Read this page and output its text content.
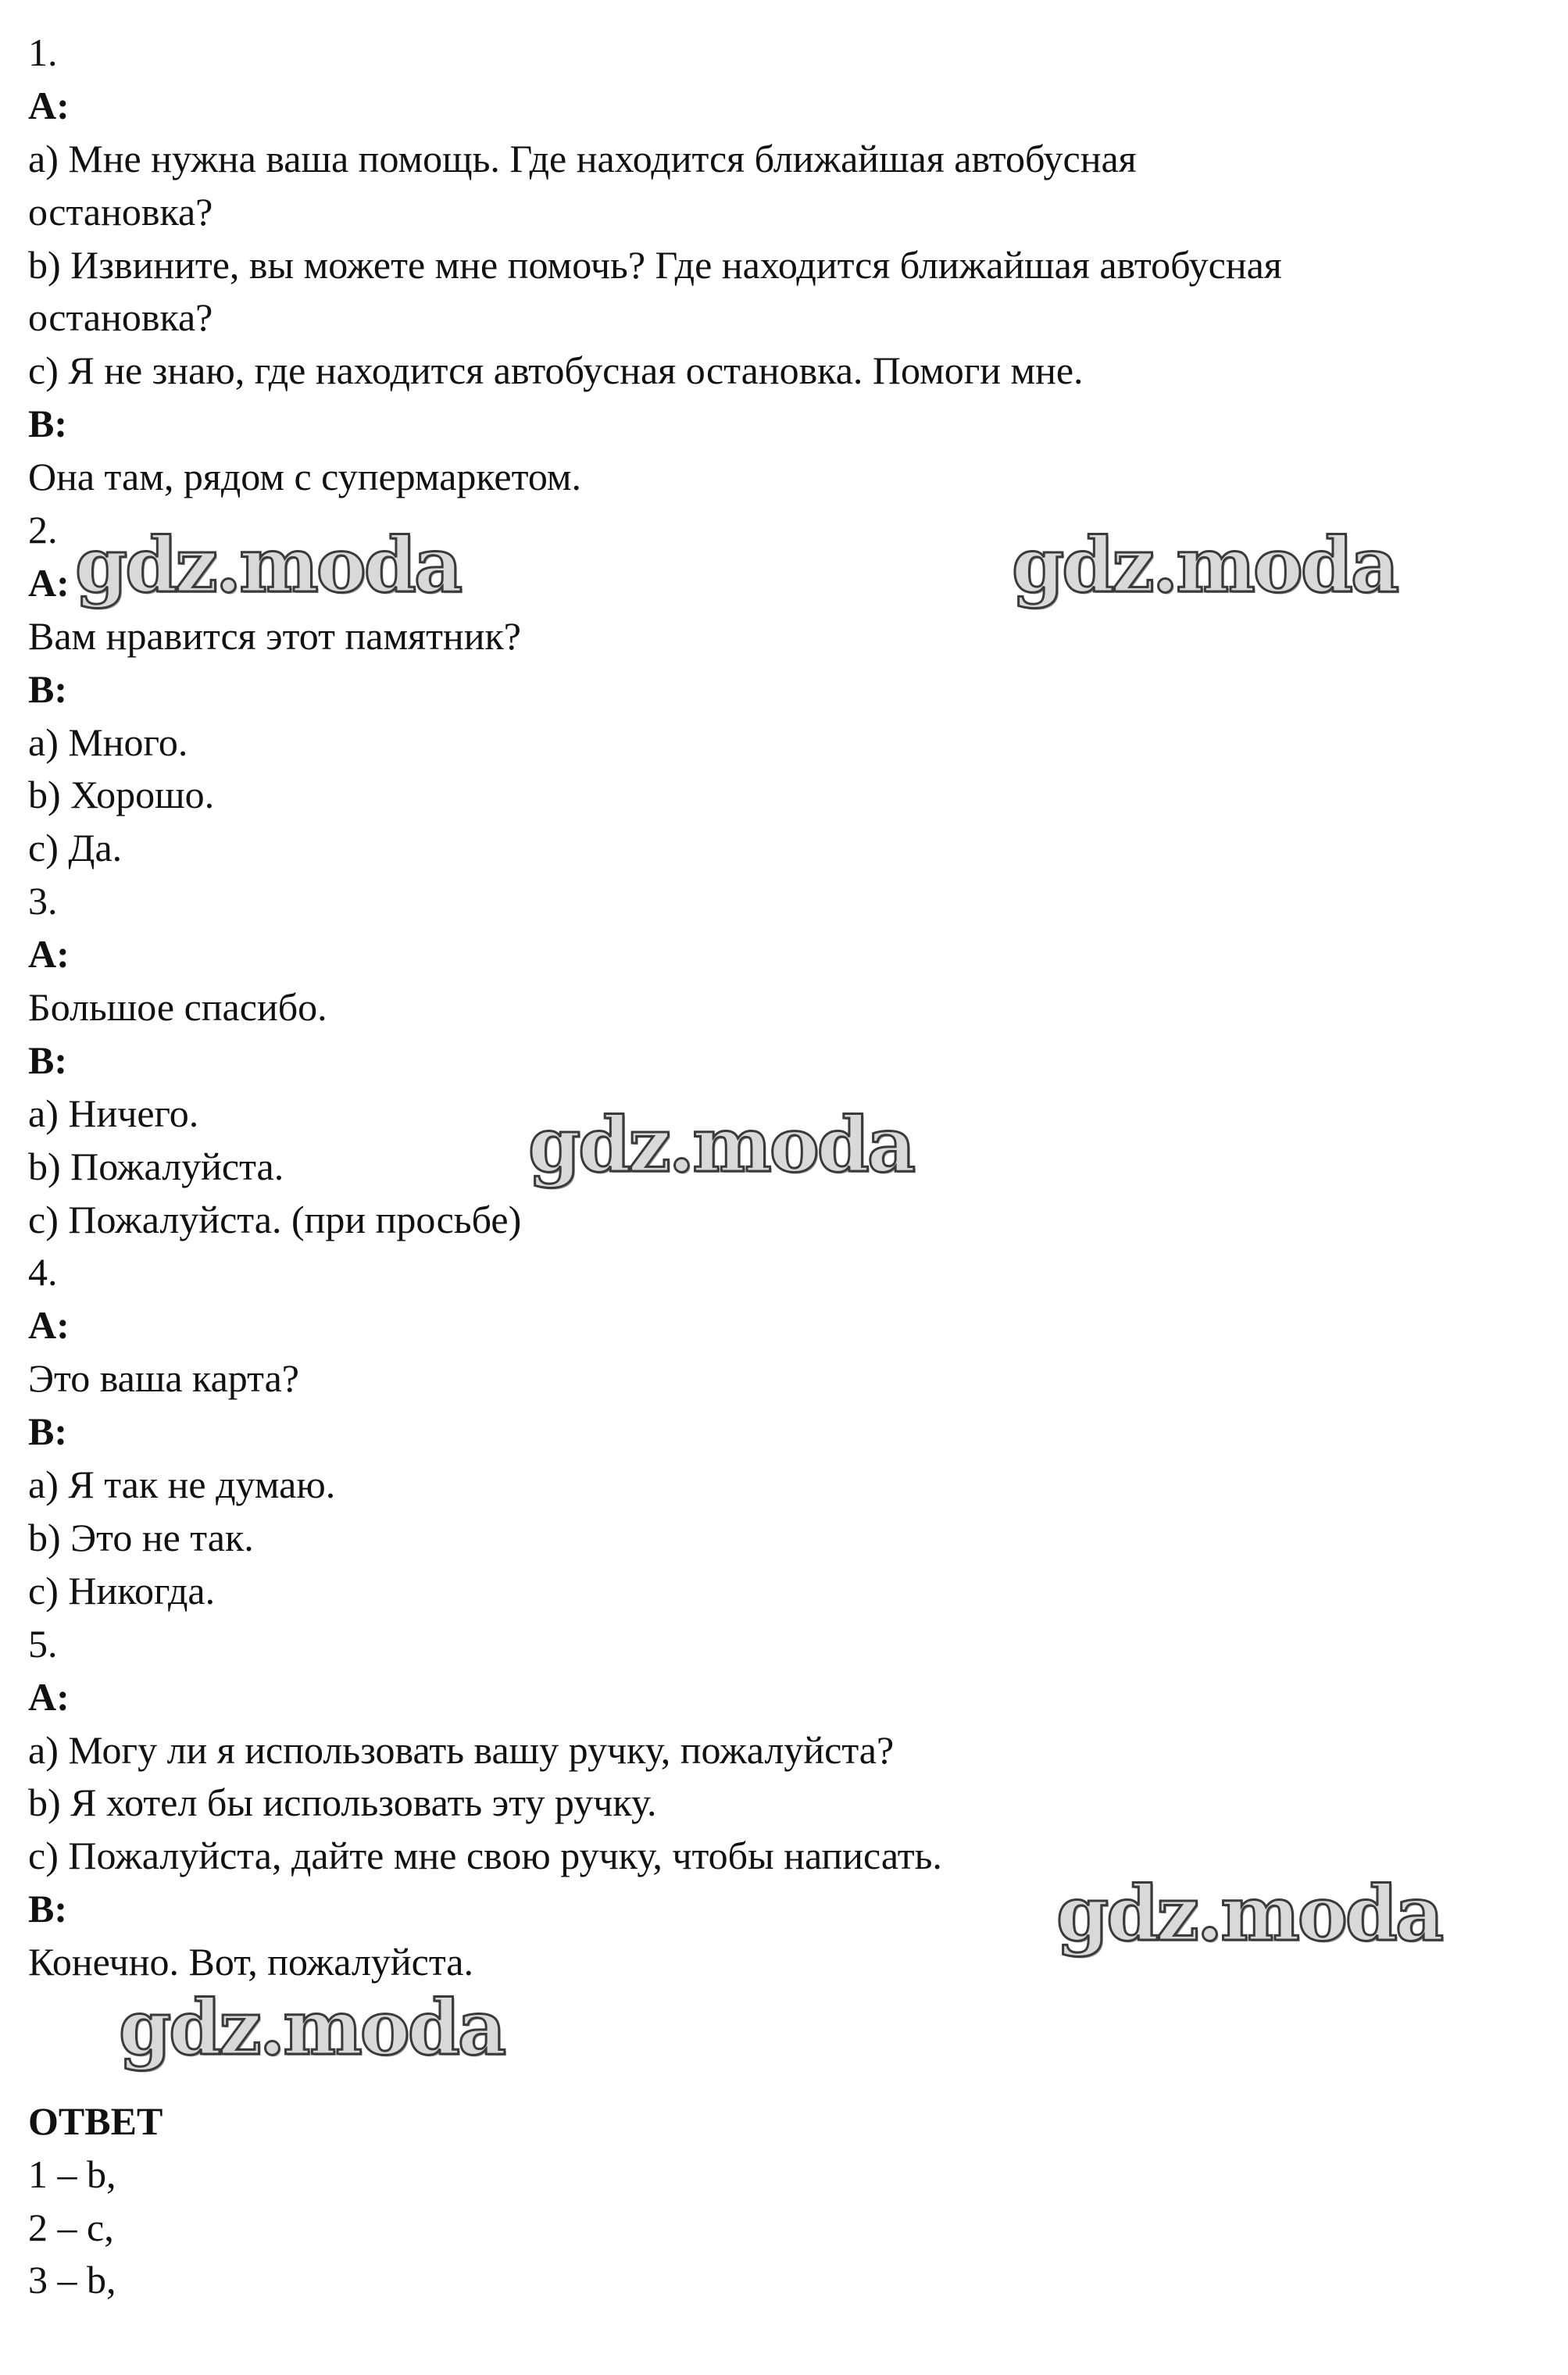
1.
A:
a) Мне нужна ваша помощь. Где находится ближайшая автобусная
остановка?
b) Извините, вы можете мне помочь? Где находится ближайшая автобусная
остановка?
c) Я не знаю, где находится автобусная остановка. Помоги мне.
B:
Она там, рядом с супермаркетом.
2.
A:
Вам нравится этот памятник?
B:
a) Много.
b) Хорошо.
c) Да.
3.
A:
Большое спасибо.
B:
a) Ничего.
b) Пожалуйста.
c) Пожалуйста. (при просьбе)
4.
A:
Это ваша карта?
B:
a) Я так не думаю.
b) Это не так.
c) Никогда.
5.
A:
a) Могу ли я использовать вашу ручку, пожалуйста?
b) Я хотел бы использовать эту ручку.
c) Пожалуйста, дайте мне свою ручку, чтобы написать.
B:
Конечно. Вот, пожалуйста.
ОТВЕТ
1 – b,
2 – c,
3 – b,
gdz.moda	gdz.moda
gdz.moda
gdz.moda
gdz.moda
